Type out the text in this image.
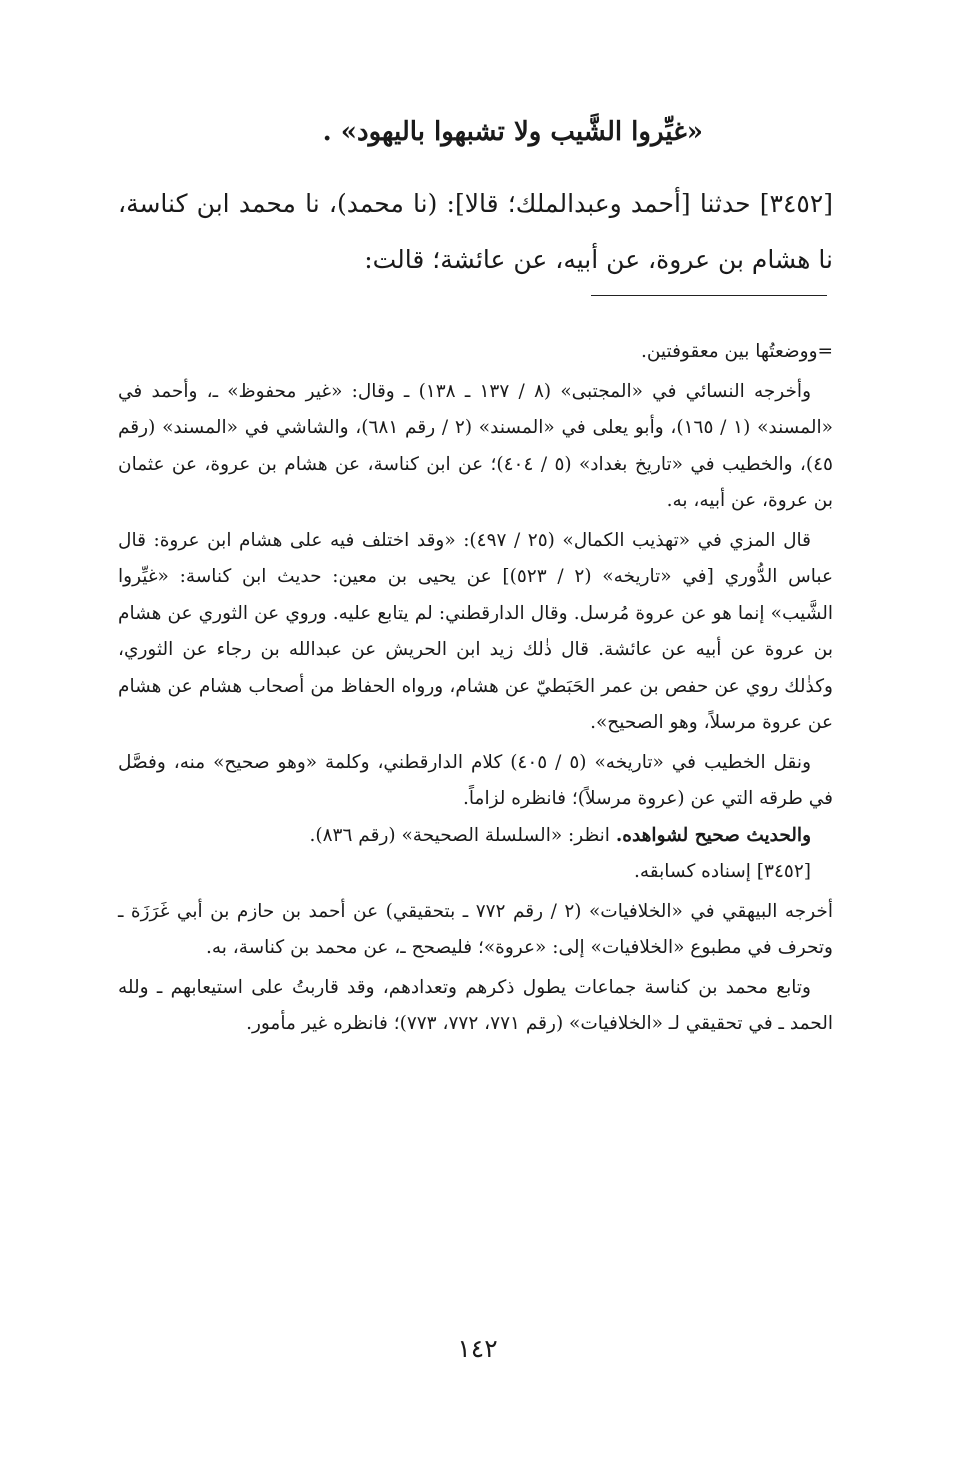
«غيِّروا الشَّيب ولا تشبهوا باليهود» .
[٣٤٥٢] حدثنا [أحمد وعبدالملك؛ قالا]: (نا محمد)، نا محمد ابن كناسة، نا هشام بن عروة، عن أبيه، عن عائشة؛ قالت:

=ووضعتُها بين معقوفتين.

وأخرجه النسائي في «المجتبى» (٨ / ١٣٧ ـ ١٣٨) ـ وقال: «غير محفوظ» ـ، وأحمد في «المسند» (١ / ١٦٥)، وأبو يعلى في «المسند» (٢ / رقم ٦٨١)، والشاشي في «المسند» (رقم ٤٥)، والخطيب في «تاريخ بغداد» (٥ / ٤٠٤)؛ عن ابن كناسة، عن هشام بن عروة، عن عثمان بن عروة، عن أبيه، به.

قال المزي في «تهذيب الكمال» (٢٥ / ٤٩٧): «وقد اختلف فيه على هشام ابن عروة: قال عباس الدُّوري [في «تاريخه» (٢ / ٥٢٣)] عن يحيى بن معين: حديث ابن كناسة: «غيِّروا الشَّيب» إنما هو عن عروة مُرسل. وقال الدارقطني: لم يتابع عليه. وروي عن الثوري عن هشام بن عروة عن أبيه عن عائشة. قال ذٰلك زيد ابن الحريش عن عبدالله بن رجاء عن الثوري، وكذٰلك روي عن حفص بن عمر الحَبَطيّ عن هشام، ورواه الحفاظ من أصحاب هشام عن هشام عن عروة مرسلاً، وهو الصحيح».

ونقل الخطيب في «تاريخه» (٥ / ٤٠٥) كلام الدارقطني، وكلمة «وهو صحيح» منه، وفصَّل في طرقه التي عن (عروة مرسلاً)؛ فانظره لزاماً.

والحديث صحيح لشواهده. انظر: «السلسلة الصحيحة» (رقم ٨٣٦).

[٣٤٥٢] إسناده كسابقه.

أخرجه البيهقي في «الخلافيات» (٢ / رقم ٧٧٢ ـ بتحقيقي) عن أحمد بن حازم بن أبي غَرَزَة ـ وتحرف في مطبوع «الخلافيات» إلى: «عروة»؛ فليصحح ـ، عن محمد بن كناسة، به.

وتابع محمد بن كناسة جماعات يطول ذكرهم وتعدادهم، وقد قاربتُ على استيعابهم ـ ولله الحمد ـ في تحقيقي لـ «الخلافيات» (رقم ٧٧١، ٧٧٢، ٧٧٣)؛ فانظره غير مأمور.

١٤٢
